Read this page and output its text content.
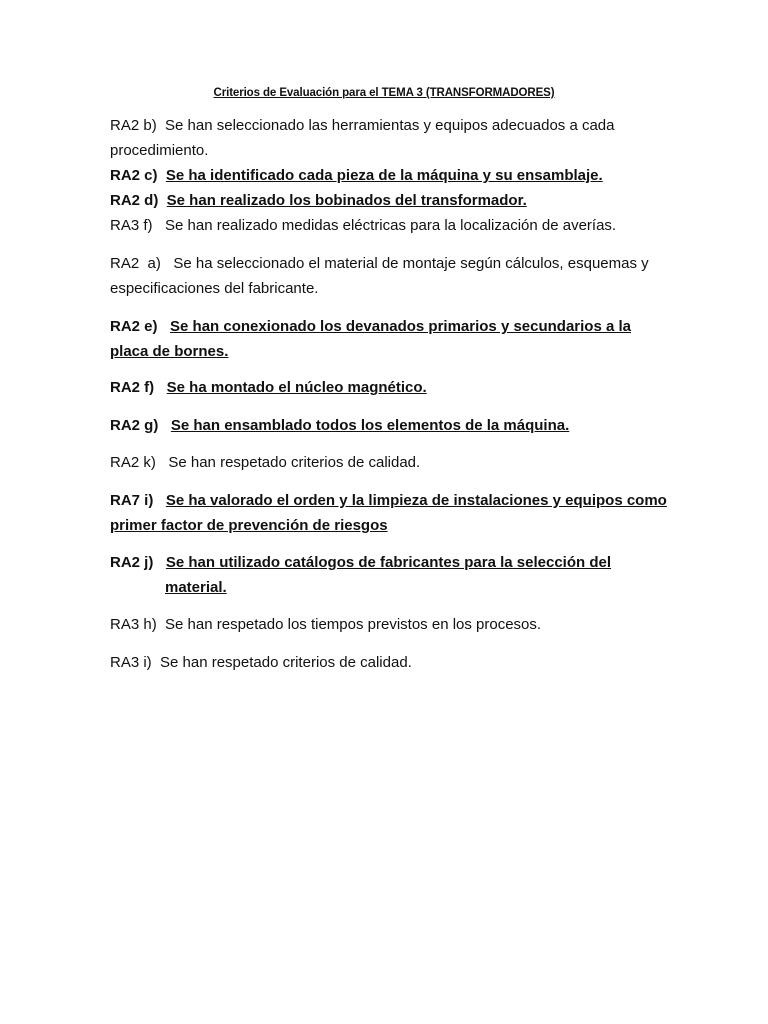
Criterios de Evaluación para el TEMA 3 (TRANSFORMADORES)
RA2 b)  Se han seleccionado las herramientas y equipos adecuados a cada procedimiento.
RA2 c)  Se ha identificado cada pieza de la máquina y su ensamblaje.
RA2 d)  Se han realizado los bobinados del transformador.
RA3 f)   Se han realizado medidas eléctricas para la localización de averías.
RA2  a)   Se ha seleccionado el material de montaje según cálculos, esquemas y especificaciones del fabricante.
RA2 e)   Se han conexionado los devanados primarios y secundarios a la placa de bornes.
RA2 f)   Se ha montado el núcleo magnético.
RA2 g)   Se han ensamblado todos los elementos de la máquina.
RA2 k)   Se han respetado criterios de calidad.
RA7 i)   Se ha valorado el orden y la limpieza de instalaciones y equipos como primer factor de prevención de riesgos
RA2 j)   Se han utilizado catálogos de fabricantes para la selección del
material.
RA3 h)  Se han respetado los tiempos previstos en los procesos.
RA3 i)  Se han respetado criterios de calidad.
